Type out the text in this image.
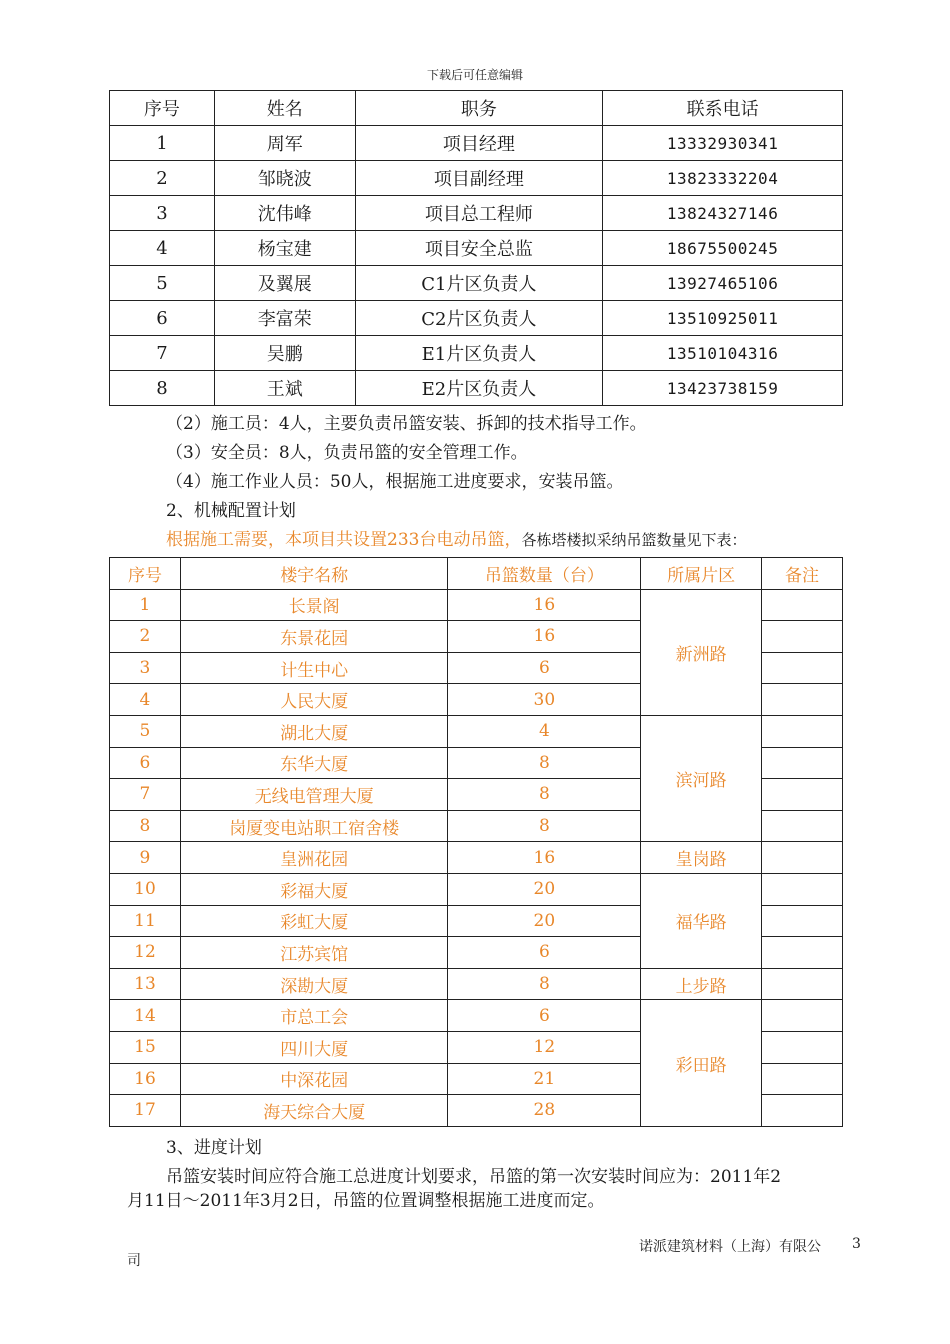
下载后可任意编辑
序号	姓名	职务	联系电话
1	周军	项目经理	13332930341
2	邹晓波	项目副经理	13823332204
3	沈伟峰	项目总工程师	13824327146
4	杨宝建	项目安全总监	18675500245
5	及翼展	C1片区负责人	13927465106
6	李富荣	C2片区负责人	13510925011
7	吴鹏	E1片区负责人	13510104316
8	王斌	E2片区负责人	13423738159
（2）施工员：4人，主要负责吊篮安装、拆卸的技术指导工作。
（3）安全员：8人，负责吊篮的安全管理工作。
（4）施工作业人员：50人，根据施工进度要求，安装吊篮。
2、机械配置计划
根据施工需要，本项目共设置233台电动吊篮，各栋塔楼拟采纳吊篮数量见下表：
序号	楼宇名称	吊篮数量（台）	所属片区	备注
1	长景阁	16	新洲路	
2	东景花园	16		
3	计生中心	6		
4	人民大厦	30		
5	湖北大厦	4	滨河路	
6	东华大厦	8		
7	无线电管理大厦	8		
8	岗厦变电站职工宿舍楼	8		
9	皇洲花园	16	皇岗路	
10	彩福大厦	20	福华路	
11	彩虹大厦	20		
12	江苏宾馆	6		
13	深勘大厦	8	上步路	
14	市总工会	6	彩田路	
15	四川大厦	12		
16	中深花园	21		
17	海天综合大厦	28		
3、进度计划
吊篮安装时间应符合施工总进度计划要求，吊篮的第一次安装时间应为：2011年2
月11日～2011年3月2日，吊篮的位置调整根据施工进度而定。
诺派建筑材料（上海）有限公 3
司
